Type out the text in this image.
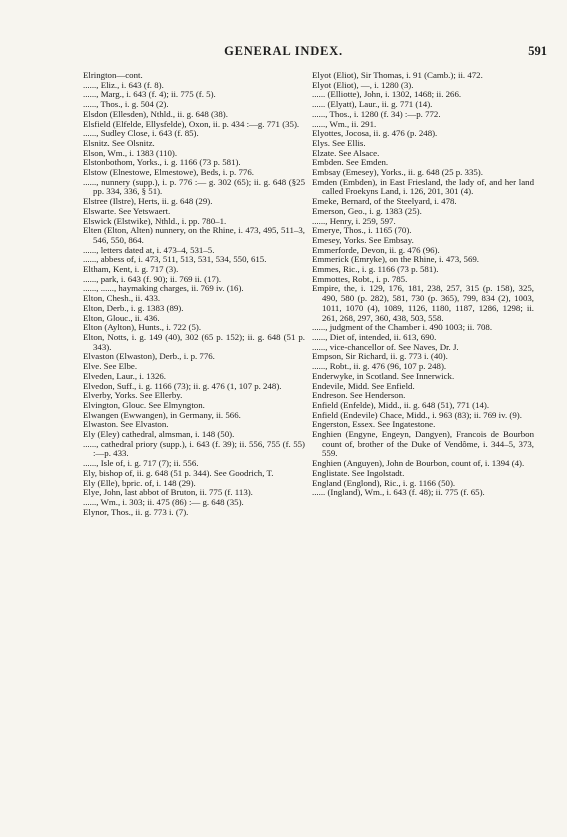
GENERAL INDEX.	591
Elrington—cont.
......, Eliz., i. 643 (f. 8).
......, Marg., i. 643 (f. 4); ii. 775 (f. 5).
......, Thos., i. g. 504 (2).
Elsdon (Ellesden), Nthld., ii. g. 648 (38).
Elsfield (Elfelde, Ellysfelde), Oxon, ii. p. 434 :—g. 771 (35).
......, Sudley Close, i. 643 (f. 85).
Elsnitz. See Olsnitz.
Elson, Wm., i. 1383 (110).
Elstonbothom, Yorks., i. g. 1166 (73 p. 581).
Elstow (Elnestowe, Elmestowe), Beds, i. p. 776.
......, nunnery (supp.), i. p. 776 :— g. 302 (65); ii. g. 648 (§25 pp. 334, 336, § 51).
Elstree (Ilstre), Herts, ii. g. 648 (29).
Elswarte. See Yetswaert.
Elswick (Elstwike), Nthld., i. pp. 780–1.
Elten (Elton, Alten) nunnery, on the Rhine, i. 473, 495, 511–3, 546, 550, 864.
......, letters dated at, i. 473–4, 531–5.
......, abbess of, i. 473, 511, 513, 531, 534, 550, 615.
Eltham, Kent, i. g. 717 (3).
......, park, i. 643 (f. 90); ii. 769 ii. (17).
......, ......, haymaking charges, ii. 769 iv. (16).
Elton, Chesh., ii. 433.
Elton, Derb., i. g. 1383 (89).
Elton, Glouc., ii. 436.
Elton (Aylton), Hunts., i. 722 (5).
Elton, Notts, i. g. 149 (40), 302 (65 p. 152); ii. g. 648 (51 p. 343).
Elvaston (Elwaston), Derb., i. p. 776.
Elve. See Elbe.
Elveden, Laur., i. 1326.
Elvedon, Suff., i. g. 1166 (73); ii. g. 476 (1, 107 p. 248).
Elverby, Yorks. See Ellerby.
Elvington, Glouc. See Elmyngton.
Elwangen (Ewwangen), in Germany, ii. 566.
Elwaston. See Elvaston.
Ely (Eley) cathedral, almsman, i. 148 (50).
......, cathedral priory (supp.), i. 643 (f. 39); ii. 556, 755 (f. 55) :—p. 433.
......, Isle of, i. g. 717 (7); ii. 556.
Ely, bishop of, ii. g. 648 (51 p. 344). See Goodrich, T.
Ely (Elle), bpric. of, i. 148 (29).
Elye, John, last abbot of Bruton, ii. 775 (f. 113).
......, Wm., i. 303; ii. 475 (86) :— g. 648 (35).
Elynor, Thos., ii. g. 773 i. (7).
Elyot (Eliot), Sir Thomas, i. 91 (Camb.); ii. 472.
Elyot (Eliot), —, i. 1280 (3).
...... (Elliotte), John, i. 1302, 1468; ii. 266.
...... (Elyatt), Laur., ii. g. 771 (14).
......, Thos., i. 1280 (f. 34) :—p. 772.
......, Wm., ii. 291.
Elyottes, Jocosa, ii. g. 476 (p. 248).
Elys. See Ellis.
Elzate. See Alsace.
Embden. See Emden.
Embsay (Emesey), Yorks., ii. g. 648 (25 p. 335).
Emden (Embden), in East Friesland, the lady of, and her land called Froekyns Land, i. 126, 201, 301 (4).
Emeke, Bernard, of the Steelyard, i. 478.
Emerson, Geo., i. g. 1383 (25).
......, Henry, i. 259, 597.
Emerye, Thos., i. 1165 (70).
Emesey, Yorks. See Embsay.
Emmerforde, Devon, ii. g. 476 (96).
Emmerick (Emryke), on the Rhine, i. 473, 569.
Emmes, Ric., i. g. 1166 (73 p. 581).
Emmottes, Robt., i. p. 785.
Empire, the, i. 129, 176, 181, 238, 257, 315 (p. 158), 325, 490, 580 (p. 282), 581, 730 (p. 365), 799, 834 (2), 1003, 1011, 1070 (4), 1089, 1126, 1180, 1187, 1286, 1298; ii. 261, 268, 297, 360, 438, 503, 558.
......, judgment of the Chamber i. 490 1003; ii. 708.
......, Diet of, intended, ii. 613, 690.
......, vice-chancellor of. See Naves, Dr. J.
Empson, Sir Richard, ii. g. 773 i. (40).
......, Robt., ii. g. 476 (96, 107 p. 248).
Enderwyke, in Scotland. See Innerwick.
Endevile, Midd. See Enfield.
Endreson. See Henderson.
Enfield (Enfelde), Midd., ii. g. 648 (51), 771 (14).
Enfield (Endevile) Chace, Midd., i. 963 (83); ii. 769 iv. (9).
Engerston, Essex. See Ingatestone.
Enghien (Engyne, Engeyn, Dangyen), Francois de Bourbon count of, brother of the Duke of Vendôme, i. 344–5, 373, 559.
Enghien (Anguyen), John de Bourbon, count of, i. 1394 (4).
Englistate. See Ingolstadt.
England (Englond), Ric., i. g. 1166 (50).
...... (Ingland), Wm., i. 643 (f. 48); ii. 775 (f. 65).
